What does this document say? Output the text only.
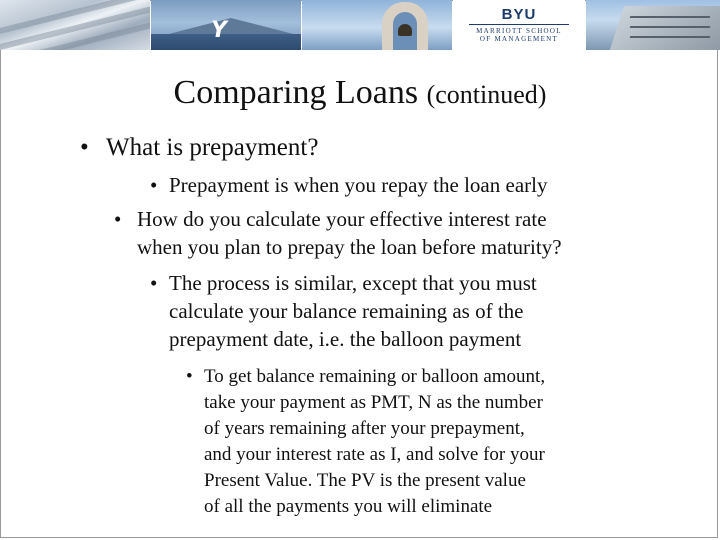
Y
BYU
MARRIOTT SCHOOL
OF MANAGEMENT
Comparing Loans (continued)
• What is prepayment?
• Prepayment is when you repay the loan early
• How do you calculate your effective interest rate
when you plan to prepay the loan before maturity?
• The process is similar, except that you must
calculate your balance remaining as of the
prepayment date, i.e. the balloon payment
• To get balance remaining or balloon amount,
take your payment as PMT, N as the number
of years remaining after your prepayment,
and your interest rate as I, and solve for your
Present Value. The PV is the present value
of all the payments you will eliminate
